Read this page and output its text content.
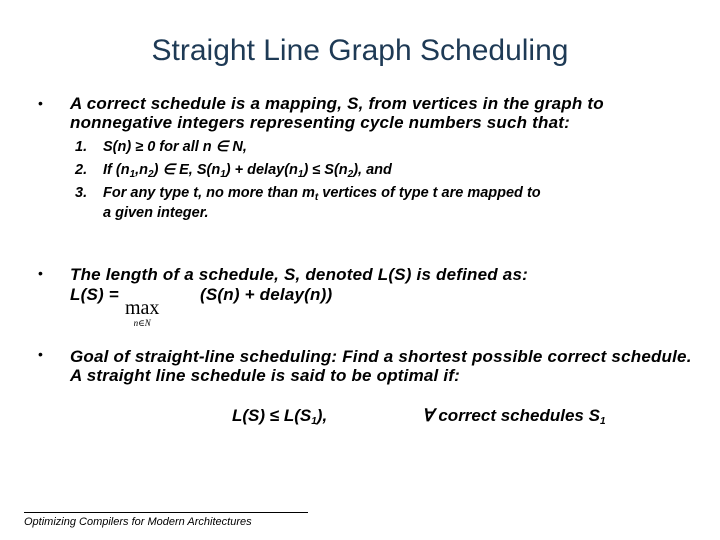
Straight Line Graph Scheduling
• A correct schedule is a mapping, S, from vertices in the graph to nonnegative integers representing cycle numbers such that:
1. S(n) ≥ 0 for all n ∈ N,
2. If $(n_1,n_2)$ ∈ E, $S(n_1)$ + $delay(n_1) \le S(n_2)$, and
3. For any type t, no more than $m_t$ vertices of type t are mapped to
a given integer.
• The length of a schedule, S, denoted L(S) is defined as:
L(S) =	(S(n) + delay(n))
max
n∈N
• Goal of straight-line scheduling: Find a shortest possible correct schedule. A straight line schedule is said to be optimal if:
$L(S) \le L(S_1)$,	∀ correct schedules $S_1$
Optimizing Compilers for Modern Architectures
